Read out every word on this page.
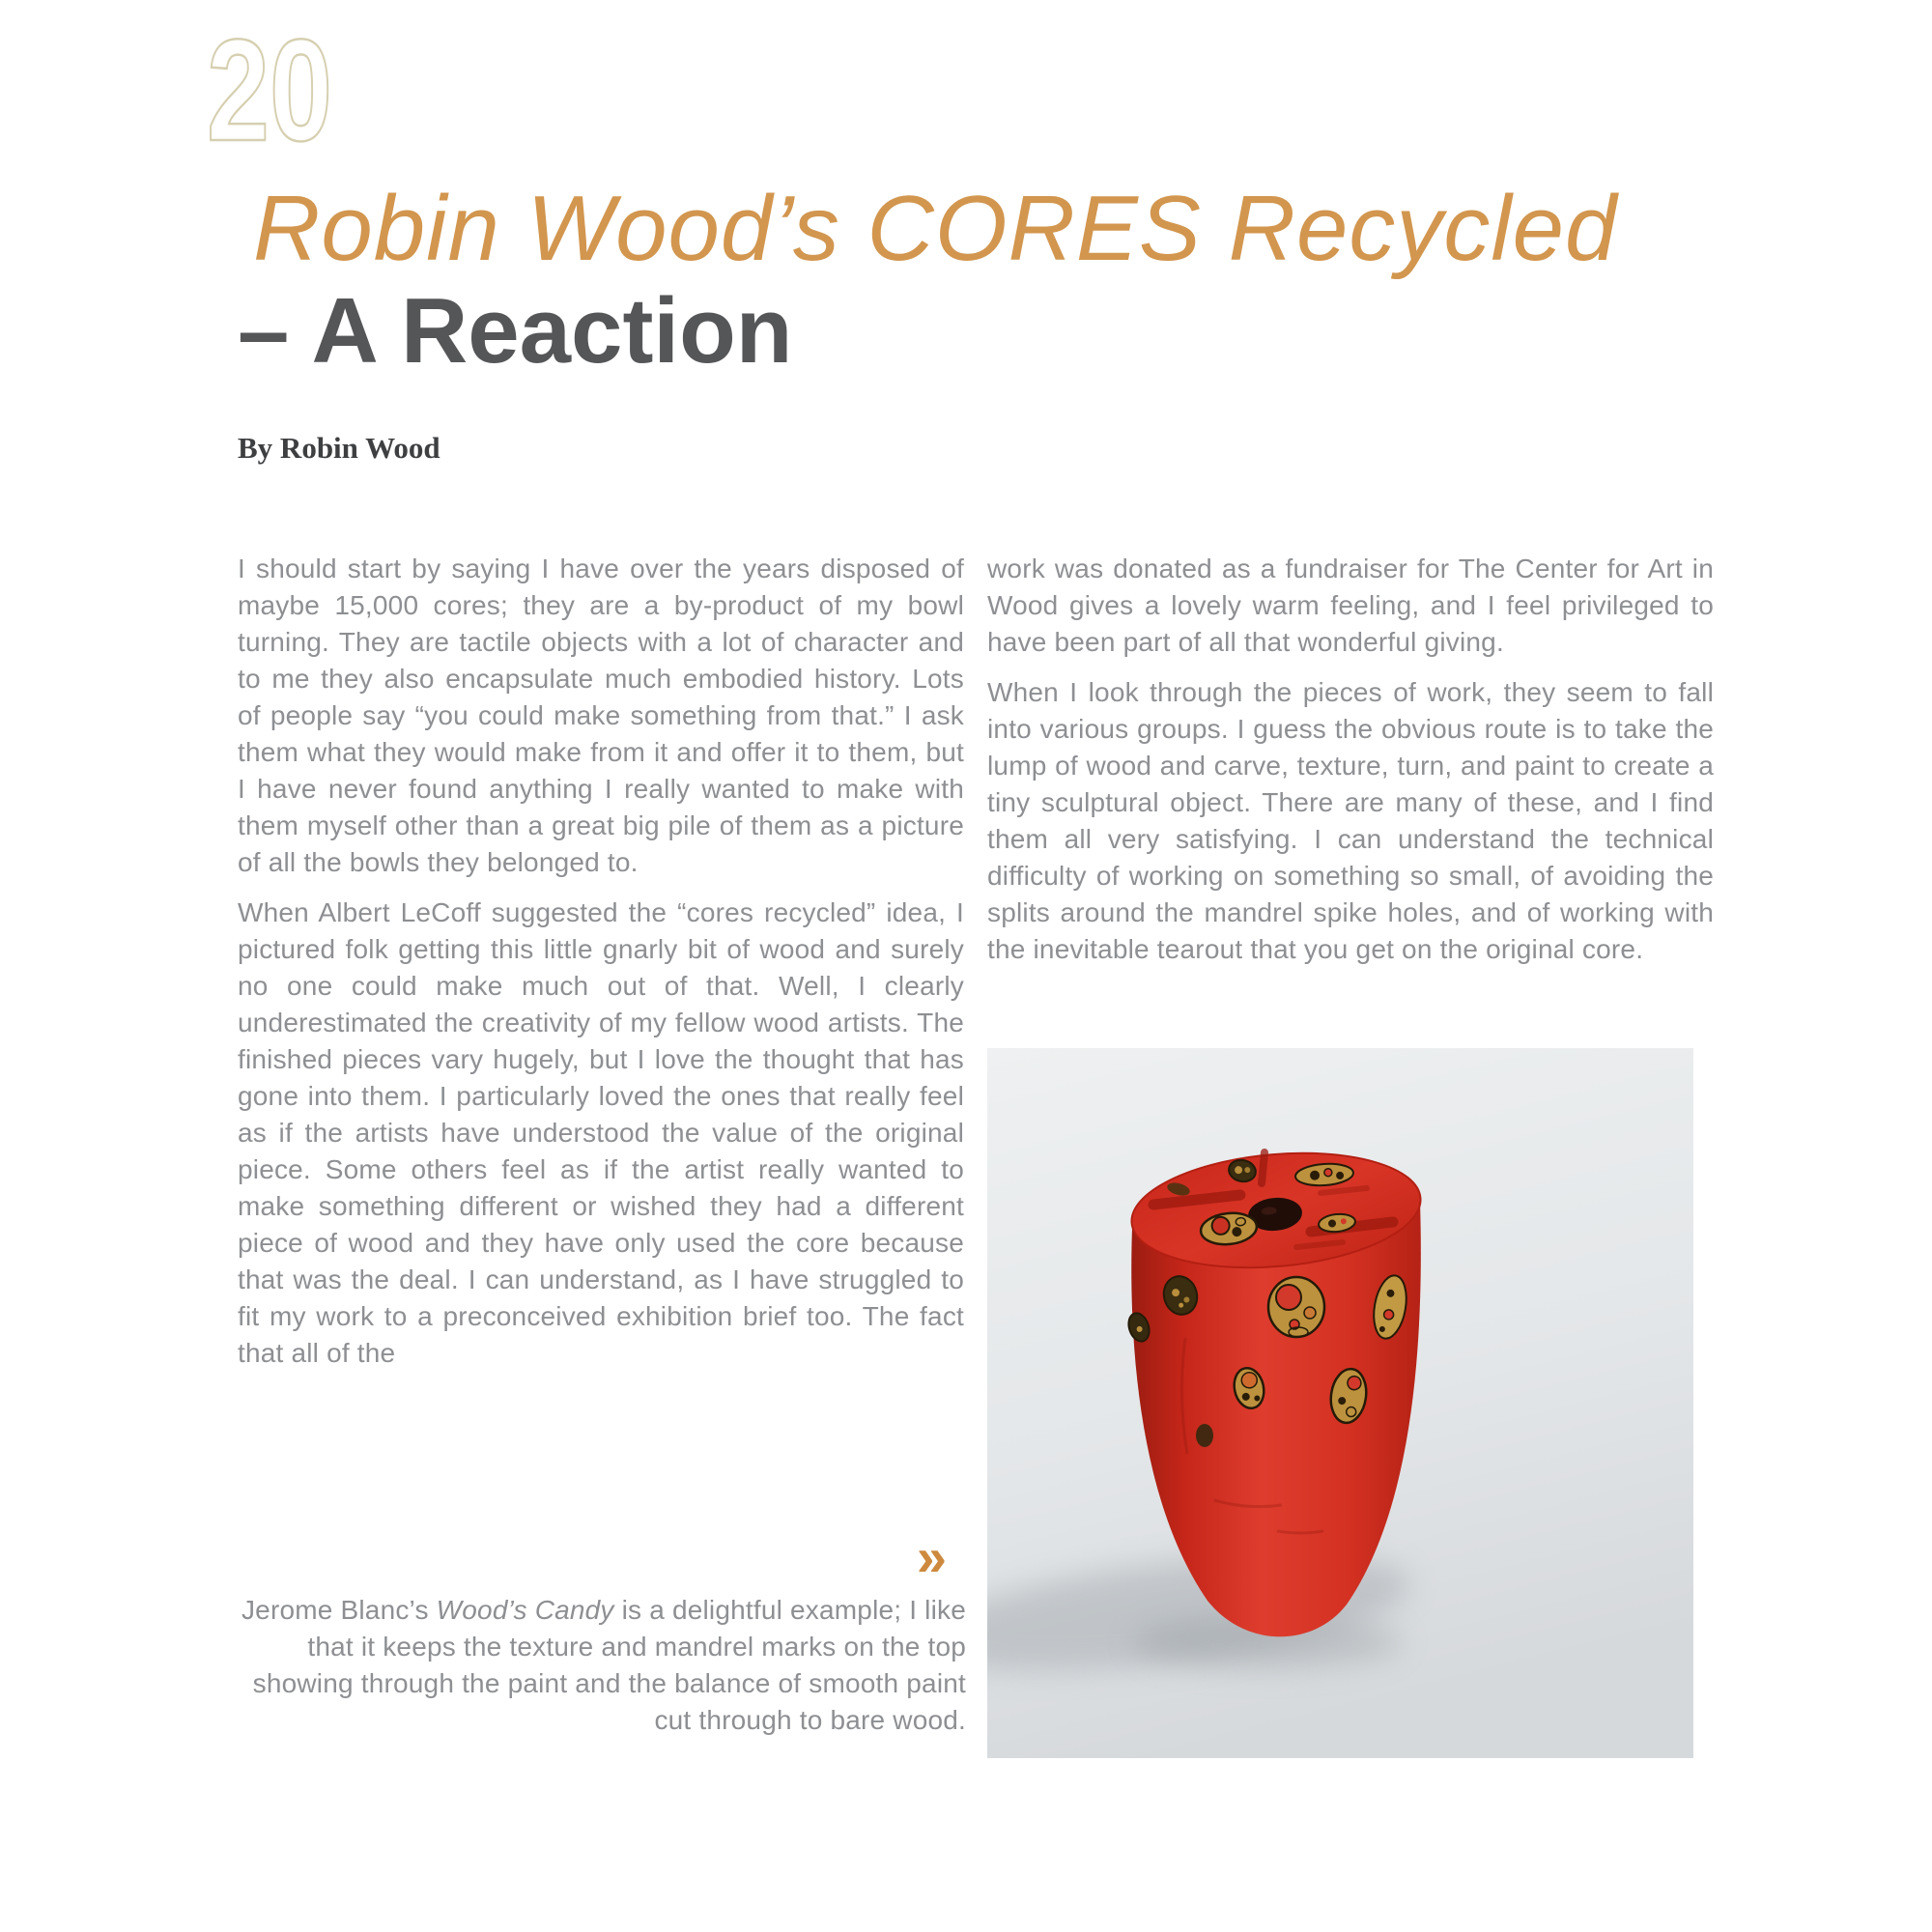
20
Robin Wood’s CORES Recycled
– A Reaction
By Robin Wood

I should start by saying I have over the years disposed of maybe 15,000 cores; they are a by-product of my bowl turning. They are tactile objects with a lot of character and to me they also encapsulate much embodied history. Lots of people say “you could make something from that.” I ask them what they would make from it and offer it to them, but I have never found anything I really wanted to make with them myself other than a great big pile of them as a picture of all the bowls they belonged to.

When Albert LeCoff suggested the “cores recycled” idea, I pictured folk getting this little gnarly bit of wood and surely no one could make much out of that. Well, I clearly underestimated the creativity of my fellow wood artists. The finished pieces vary hugely, but I love the thought that has gone into them. I particularly loved the ones that really feel as if the artists have understood the value of the original piece. Some others feel as if the artist really wanted to make something different or wished they had a different piece of wood and they have only used the core because that was the deal. I can understand, as I have struggled to fit my work to a preconceived exhibition brief too. The fact that all of the

work was donated as a fundraiser for The Center for Art in Wood gives a lovely warm feeling, and I feel privileged to have been part of all that wonderful giving.

When I look through the pieces of work, they seem to fall into various groups. I guess the obvious route is to take the lump of wood and carve, texture, turn, and paint to create a tiny sculptural object. There are many of these, and I find them all very satisfying. I can understand the technical difficulty of working on something so small, of avoiding the splits around the mandrel spike holes, and of working with the inevitable tearout that you get on the original core.

»
Jerome Blanc’s Wood’s Candy is a delightful example; I like that it keeps the texture and mandrel marks on the top showing through the paint and the balance of smooth paint cut through to bare wood.
